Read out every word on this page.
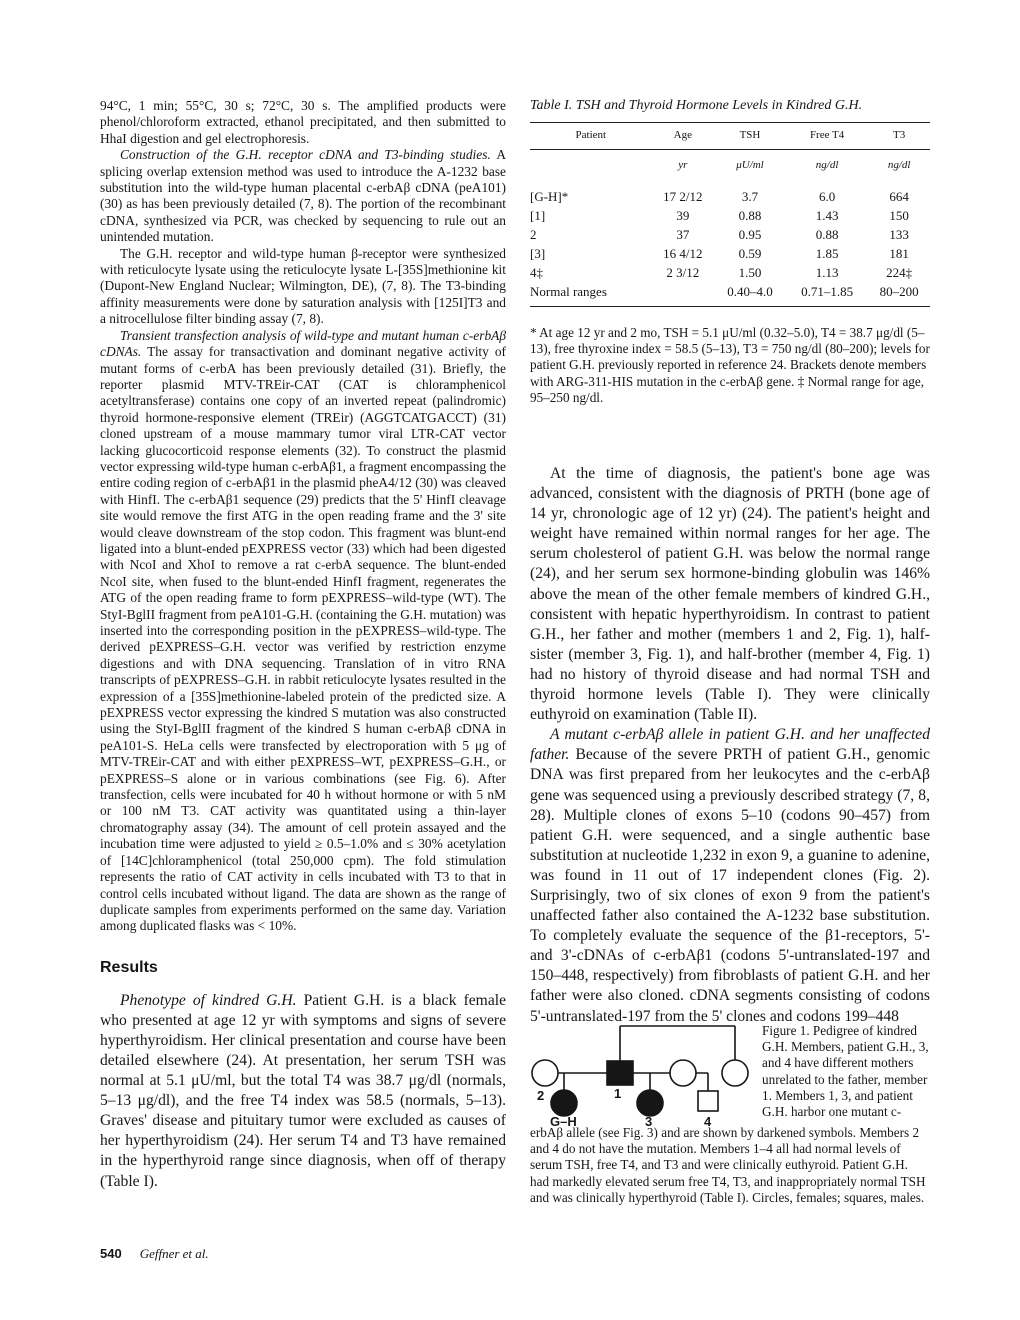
94°C, 1 min; 55°C, 30 s; 72°C, 30 s. The amplified products were phenol/chloroform extracted, ethanol precipitated, and then submitted to HhaI digestion and gel electrophoresis.

Construction of the G.H. receptor cDNA and T3-binding studies. A splicing overlap extension method was used to introduce the A-1232 base substitution into the wild-type human placental c-erbAβ cDNA (peA101) (30) as has been previously detailed (7, 8). The portion of the recombinant cDNA, synthesized via PCR, was checked by sequencing to rule out an unintended mutation.

The G.H. receptor and wild-type human β-receptor were synthesized with reticulocyte lysate using the reticulocyte lysate L-[35S]methionine kit (Dupont-New England Nuclear; Wilmington, DE), (7, 8). The T3-binding affinity measurements were done by saturation analysis with [125I]T3 and a nitrocellulose filter binding assay (7, 8).

Transient transfection analysis of wild-type and mutant human c-erbAβ cDNAs. The assay for transactivation and dominant negative activity of mutant forms of c-erbA has been previously detailed (31). Briefly, the reporter plasmid MTV-TREir-CAT (CAT is chloramphenicol acetyltransferase) contains one copy of an inverted repeat (palindromic) thyroid hormone-responsive element (TREir) (AGGTCATGACCT) (31) cloned upstream of a mouse mammary tumor viral LTR-CAT vector lacking glucocorticoid response elements (32). To construct the plasmid vector expressing wild-type human c-erbAβ1, a fragment encompassing the entire coding region of c-erbAβ1 in the plasmid pheA4/12 (30) was cleaved with HinfI. The c-erbAβ1 sequence (29) predicts that the 5' HinfI cleavage site would remove the first ATG in the open reading frame and the 3' site would cleave downstream of the stop codon. This fragment was blunt-end ligated into a blunt-ended pEXPRESS vector (33) which had been digested with NcoI and XhoI to remove a rat c-erbA sequence. The blunt-ended NcoI site, when fused to the blunt-ended HinfI fragment, regenerates the ATG of the open reading frame to form pEXPRESS–wild-type (WT). The StyI-BglII fragment from peA101-G.H. (containing the G.H. mutation) was inserted into the corresponding position in the pEXPRESS–wild-type. The derived pEXPRESS–G.H. vector was verified by restriction enzyme digestions and with DNA sequencing. Translation of in vitro RNA transcripts of pEXPRESS–G.H. in rabbit reticulocyte lysates resulted in the expression of a [35S]methionine-labeled protein of the predicted size. A pEXPRESS vector expressing the kindred S mutation was also constructed using the StyI-BglII fragment of the kindred S human c-erbAβ cDNA in peA101-S. HeLa cells were transfected by electroporation with 5 μg of MTV-TREir-CAT and with either pEXPRESS–WT, pEXPRESS–G.H., or pEXPRESS–S alone or in various combinations (see Fig. 6). After transfection, cells were incubated for 40 h without hormone or with 5 nM or 100 nM T3. CAT activity was quantitated using a thin-layer chromatography assay (34). The amount of cell protein assayed and the incubation time were adjusted to yield ≥ 0.5–1.0% and ≤ 30% acetylation of [14C]chloramphenicol (total 250,000 cpm). The fold stimulation represents the ratio of CAT activity in cells incubated with T3 to that in control cells incubated without ligand. The data are shown as the range of duplicate samples from experiments performed on the same day. Variation among duplicated flasks was < 10%.

Results

Phenotype of kindred G.H. Patient G.H. is a black female who presented at age 12 yr with symptoms and signs of severe hyperthyroidism. Her clinical presentation and course have been detailed elsewhere (24). At presentation, her serum TSH was normal at 5.1 μU/ml, but the total T4 was 38.7 μg/dl (normals, 5–13 μg/dl), and the free T4 index was 58.5 (normals, 5–13). Graves' disease and pituitary tumor were excluded as causes of her hyperthyroidism (24). Her serum T4 and T3 have remained in the hyperthyroid range since diagnosis, when off of therapy (Table I).

540 Geffner et al.
Table I. TSH and Thyroid Hormone Levels in Kindred G.H.
Patient	Age	TSH	Free T4	T3
	yr	μU/ml	ng/dl	ng/dl
[G-H]*	17 2/12	3.7	6.0	664
[1]	39	0.88	1.43	150
2	37	0.95	0.88	133
[3]	16 4/12	0.59	1.85	181
4‡	2 3/12	1.50	1.13	224‡
Normal ranges		0.40–4.0	0.71–1.85	80–200

* At age 12 yr and 2 mo, TSH = 5.1 μU/ml (0.32–5.0), T4 = 38.7 μg/dl (5–13), free thyroxine index = 58.5 (5–13), T3 = 750 ng/dl (80–200); levels for patient G.H. previously reported in reference 24. Brackets denote members with ARG-311-HIS mutation in the c-erbAβ gene. ‡ Normal range for age, 95–250 ng/dl.

At the time of diagnosis, the patient's bone age was advanced, consistent with the diagnosis of PRTH (bone age of 14 yr, chronologic age of 12 yr) (24). The patient's height and weight have remained within normal ranges for her age. The serum cholesterol of patient G.H. was below the normal range (24), and her serum sex hormone-binding globulin was 146% above the mean of the other female members of kindred G.H., consistent with hepatic hyperthyroidism. In contrast to patient G.H., her father and mother (members 1 and 2, Fig. 1), half-sister (member 3, Fig. 1), and half-brother (member 4, Fig. 1) had no history of thyroid disease and had normal TSH and thyroid hormone levels (Table I). They were clinically euthyroid on examination (Table II).

A mutant c-erbAβ allele in patient G.H. and her unaffected father. Because of the severe PRTH of patient G.H., genomic DNA was first prepared from her leukocytes and the c-erbAβ gene was sequenced using a previously described strategy (7, 8, 28). Multiple clones of exons 5–10 (codons 90–457) from patient G.H. were sequenced, and a single authentic base substitution at nucleotide 1,232 in exon 9, a guanine to adenine, was found in 11 out of 17 independent clones (Fig. 2). Surprisingly, two of six clones of exon 9 from the patient's unaffected father also contained the A-1232 base substitution. To completely evaluate the sequence of the β1-receptors, 5'- and 3'-cDNAs of c-erbAβ1 (codons 5'-untranslated-197 and 150–448, respectively) from fibroblasts of patient G.H. and her father were also cloned. cDNA segments consisting of codons 5'-untranslated-197 from the 5' clones and codons 199–448

2	1
G–H	3	4
Figure 1. Pedigree of kindred G.H. Members, patient G.H., 3, and 4 have different mothers unrelated to the father, member 1. Members 1, 3, and patient G.H. harbor one mutant c-
erbAβ allele (see Fig. 3) and are shown by darkened symbols. Members 2 and 4 do not have the mutation. Members 1–4 all had normal levels of serum TSH, free T4, and T3 and were clinically euthyroid. Patient G.H. had markedly elevated serum free T4, T3, and inappropriately normal TSH and was clinically hyperthyroid (Table I). Circles, females; squares, males.
